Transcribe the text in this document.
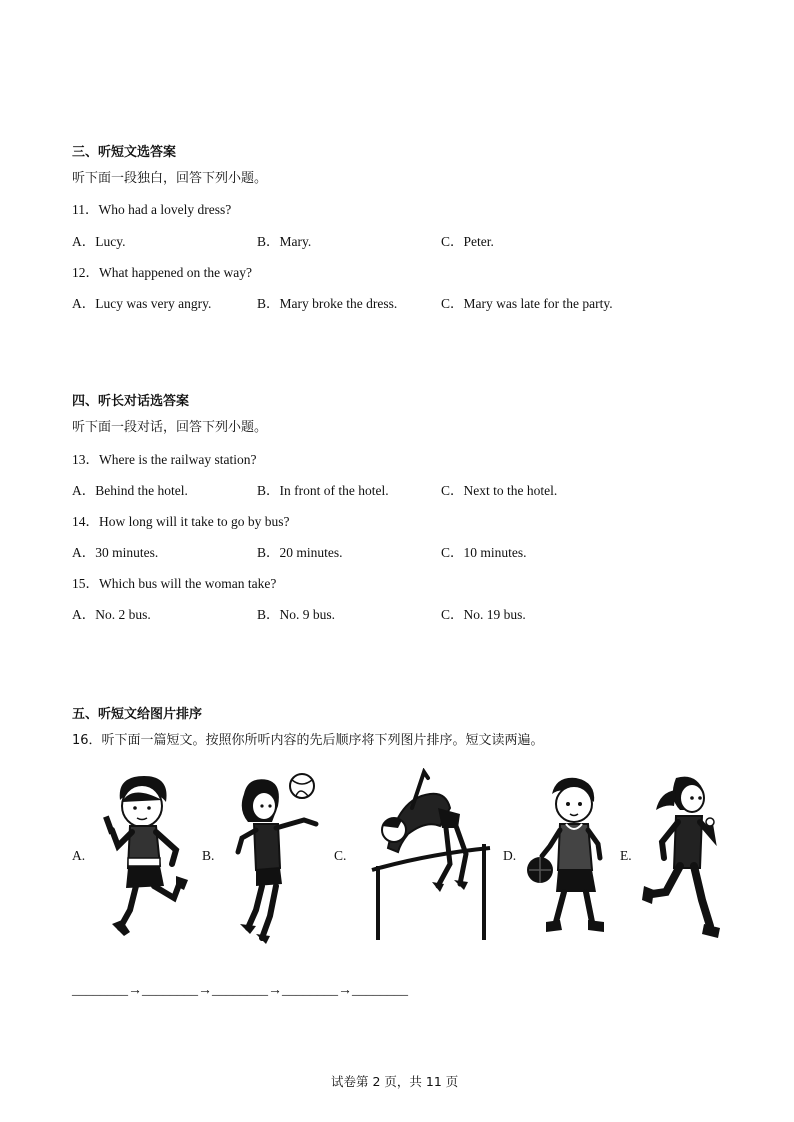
三、听短文选答案
听下面一段独白，回答下列小题。
11．Who had a lovely dress?
A．Lucy.	B．Mary.	C．Peter.
12．What happened on the way?
A．Lucy was very angry.	B．Mary broke the dress.	C．Mary was late for the party.
四、听长对话选答案
听下面一段对话，回答下列小题。
13．Where is the railway station?
A．Behind the hotel.	B．In front of the hotel.	C．Next to the hotel.
14．How long will it take to go by bus?
A．30 minutes.	B．20 minutes.	C．10 minutes.
15．Which bus will the woman take?
A．No. 2 bus.	B．No. 9 bus.	C．No. 19 bus.
五、听短文给图片排序
16．听下面一篇短文。按照你所听内容的先后顺序将下列图片排序。短文读两遍。
A.	B.	C.	D.	E.
________→________→________→________→________
试卷第 2 页，共 11 页
